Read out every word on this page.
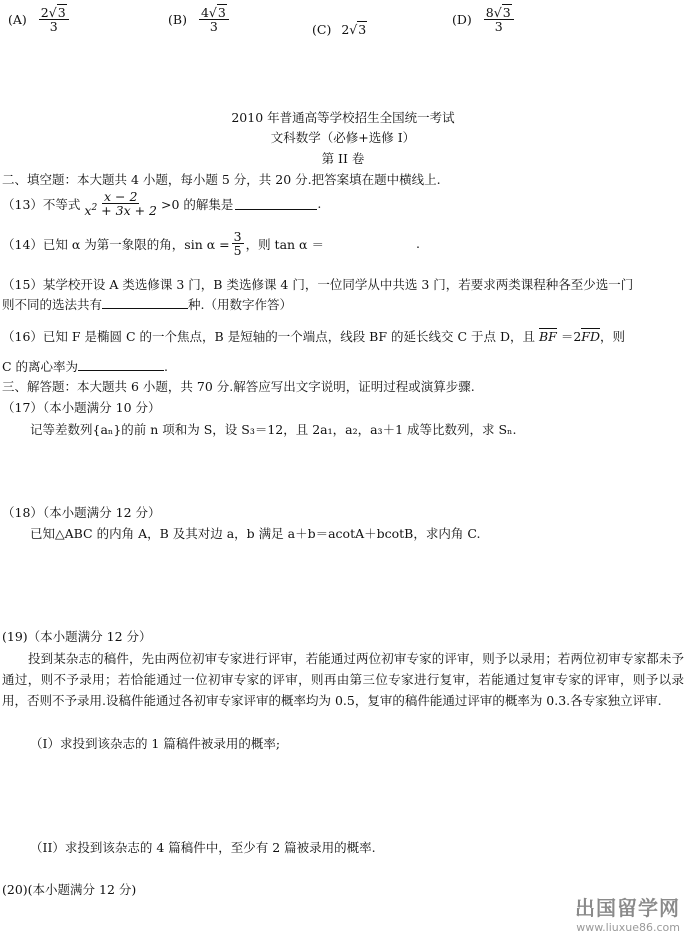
$(A) \frac{2√3}{3}$	$(B) \frac{4√3}{3}$	(C) 2 √3
$(D) \frac{8√3}{3}$
2010 年普通高等学校招生全国统一考试
文科数学（必修+选修 I）
第 II 卷
二、填空题：本大题共 4 小题，每小题 5 分，共 20 分.把答案填在题中横线上.
（13）不等式 $\frac{x - 2}{x^2 + 3x + 2} >0$ 的解集是	.
（14）已知 α 为第一象限的角，$\sin \alpha = \frac{3}{5}$ ，则 tan α ＝	.
（15）某学校开设 A 类选修课 3 门，B 类选修课 4 门，一位同学从中共选 3 门，若要求两类课程种各至少选一门
则不同的选法共有	种.（用数字作答）
（16）已知 F 是椭圆 C 的一个焦点，B 是短轴的一个端点，线段 BF 的延长线交 C 于点 D，且 BF ＝2FD，则
C 的离心率为	.
三、解答题：本大题共 6 小题，共 70 分.解答应写出文字说明，证明过程或演算步骤.
（17）（本小题满分 10 分）
记等差数列{aₙ}的前 n 项和为 S，设 S₃＝12，且 2a₁，a₂，a₃＋1 成等比数列，求 Sₙ.
（18）（本小题满分 12 分）
已知△ABC 的内角 A，B 及其对边 a，b 满足 a＋b＝acotA＋bcotB，求内角 C.
(19)（本小题满分 12 分）
投到某杂志的稿件，先由两位初审专家进行评审，若能通过两位初审专家的评审，则予以录用；若两位初审专家都未予通过，则不予录用；若恰能通过一位初审专家的评审，则再由第三位专家进行复审，若能通过复审专家的评审，则予以录用，否则不予录用.设稿件能通过各初审专家评审的概率均为 0.5，复审的稿件能通过评审的概率为 0.3.各专家独立评审.
（I）求投到该杂志的 1 篇稿件被录用的概率;
（II）求投到该杂志的 4 篇稿件中，至少有 2 篇被录用的概率.
(20)(本小题满分 12 分)
出国留学网
www.liuxue86.com
